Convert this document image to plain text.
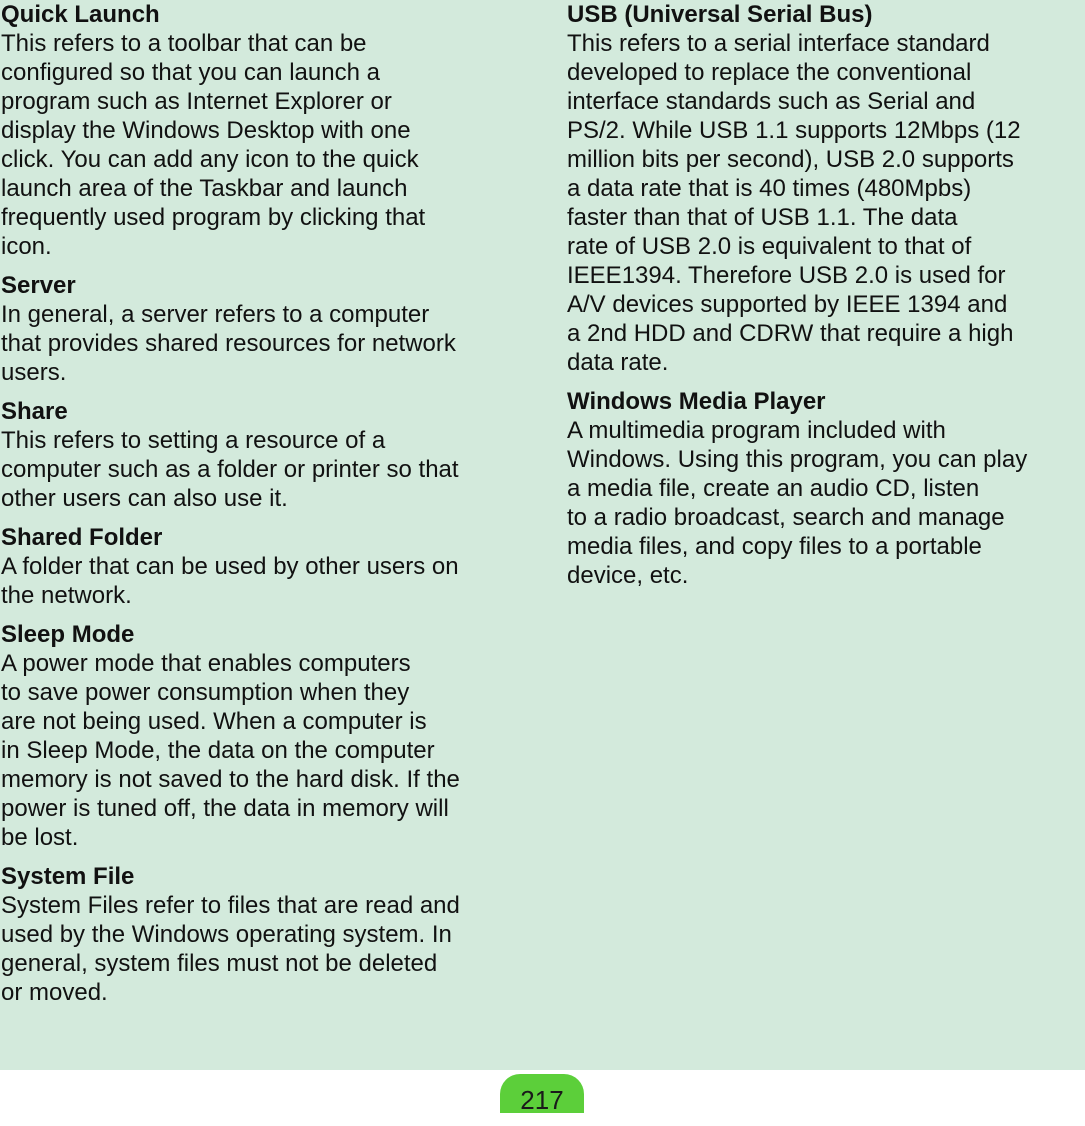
Quick Launch

This refers to a toolbar that can be
configured so that you can launch a
program such as Internet Explorer or
display the Windows Desktop with one
click. You can add any icon to the quick
launch area of the Taskbar and launch
frequently used program by clicking that
icon.

Server

In general, a server refers to a computer
that provides shared resources for network
users.

Share

This refers to setting a resource of a
computer such as a folder or printer so that
other users can also use it.

Shared Folder

A folder that can be used by other users on
the network.

Sleep Mode

A power mode that enables computers
to save power consumption when they
are not being used. When a computer is
in Sleep Mode, the data on the computer
memory is not saved to the hard disk. If the
power is tuned off, the data in memory will
be lost.

System File

System Files refer to files that are read and
used by the Windows operating system. In
general, system files must not be deleted
or moved.

USB (Universal Serial Bus)

This refers to a serial interface standard
developed to replace the conventional
interface standards such as Serial and
PS/2. While USB 1.1 supports 12Mbps (12
million bits per second), USB 2.0 supports
a data rate that is 40 times (480Mpbs)
faster than that of USB 1.1. The data
rate of USB 2.0 is equivalent to that of
IEEE1394. Therefore USB 2.0 is used for
A/V devices supported by IEEE 1394 and
a 2nd HDD and CDRW that require a high
data rate.

Windows Media Player

A multimedia program included with
Windows. Using this program, you can play
a media file, create an audio CD, listen
to a radio broadcast, search and manage
media files, and copy files to a portable
device, etc.

217
